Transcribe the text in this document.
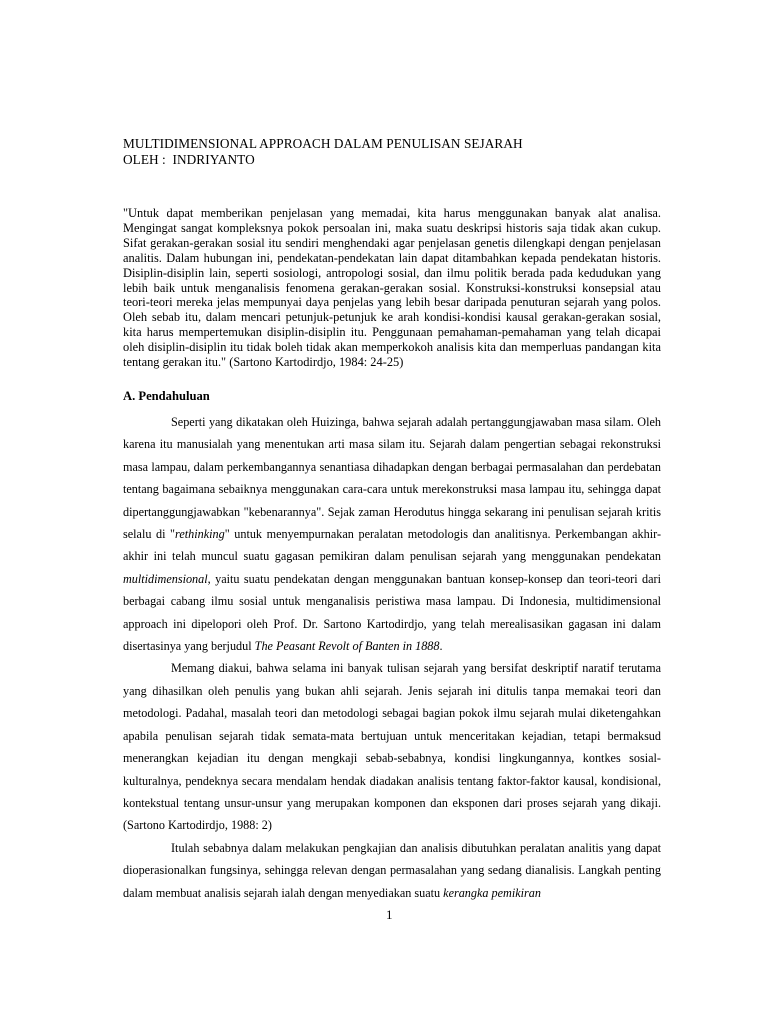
MULTIDIMENSIONAL APPROACH DALAM PENULISAN SEJARAH
OLEH :  INDRIYANTO
"Untuk dapat memberikan penjelasan yang memadai, kita harus menggunakan banyak alat analisa. Mengingat sangat kompleksnya pokok persoalan ini, maka suatu deskripsi historis saja tidak akan cukup. Sifat gerakan-gerakan sosial itu sendiri menghendaki agar penjelasan genetis dilengkapi dengan penjelasan analitis. Dalam hubungan ini, pendekatan-pendekatan lain dapat ditambahkan kepada pendekatan historis. Disiplin-disiplin lain, seperti sosiologi, antropologi sosial, dan ilmu politik berada pada kedudukan yang lebih baik untuk menganalisis fenomena gerakan-gerakan sosial. Konstruksi-konstruksi konsepsial atau teori-teori mereka jelas mempunyai daya penjelas yang lebih besar daripada penuturan sejarah yang polos. Oleh sebab itu, dalam mencari petunjuk-petunjuk ke arah kondisi-kondisi kausal gerakan-gerakan sosial, kita harus mempertemukan disiplin-disiplin itu. Penggunaan pemahaman-pemahaman yang telah dicapai oleh disiplin-disiplin itu tidak boleh tidak akan memperkokoh analisis kita dan memperluas pandangan kita tentang gerakan itu." (Sartono Kartodirdjo, 1984: 24-25)
A. Pendahuluan

Seperti yang dikatakan oleh Huizinga, bahwa sejarah adalah pertanggungjawaban masa silam. Oleh karena itu manusialah yang menentukan arti masa silam itu. Sejarah dalam pengertian sebagai rekonstruksi masa lampau, dalam perkembangannya senantiasa dihadapkan dengan berbagai permasalahan dan perdebatan tentang bagaimana sebaiknya menggunakan cara-cara untuk merekonstruksi masa lampau itu, sehingga dapat dipertanggungjawabkan "kebenarannya". Sejak zaman Herodutus hingga sekarang ini penulisan sejarah kritis selalu di "rethinking" untuk menyempurnakan peralatan metodologis dan analitisnya. Perkembangan akhir-akhir ini telah muncul suatu gagasan pemikiran dalam penulisan sejarah yang menggunakan pendekatan multidimensional, yaitu suatu pendekatan dengan menggunakan bantuan konsep-konsep dan teori-teori dari berbagai cabang ilmu sosial untuk menganalisis peristiwa masa lampau. Di Indonesia, multidimensional approach ini dipelopori oleh Prof. Dr. Sartono Kartodirdjo, yang telah merealisasikan gagasan ini dalam disertasinya yang berjudul The Peasant Revolt of Banten in 1888.

Memang diakui, bahwa selama ini banyak tulisan sejarah yang bersifat deskriptif naratif terutama yang dihasilkan oleh penulis yang bukan ahli sejarah. Jenis sejarah ini ditulis tanpa memakai teori dan metodologi. Padahal, masalah teori dan metodologi sebagai bagian pokok ilmu sejarah mulai diketengahkan apabila penulisan sejarah tidak semata-mata bertujuan untuk menceritakan kejadian, tetapi bermaksud menerangkan kejadian itu dengan mengkaji sebab-sebabnya, kondisi lingkungannya, kontkes sosial-kulturalnya, pendeknya secara mendalam hendak diadakan analisis tentang faktor-faktor kausal, kondisional, kontekstual tentang unsur-unsur yang merupakan komponen dan eksponen dari proses sejarah yang dikaji. (Sartono Kartodirdjo, 1988: 2)

Itulah sebabnya dalam melakukan pengkajian dan analisis dibutuhkan peralatan analitis yang dapat dioperasionalkan fungsinya, sehingga relevan dengan permasalahan yang sedang dianalisis. Langkah penting dalam membuat analisis sejarah ialah dengan menyediakan suatu kerangka pemikiran

1
